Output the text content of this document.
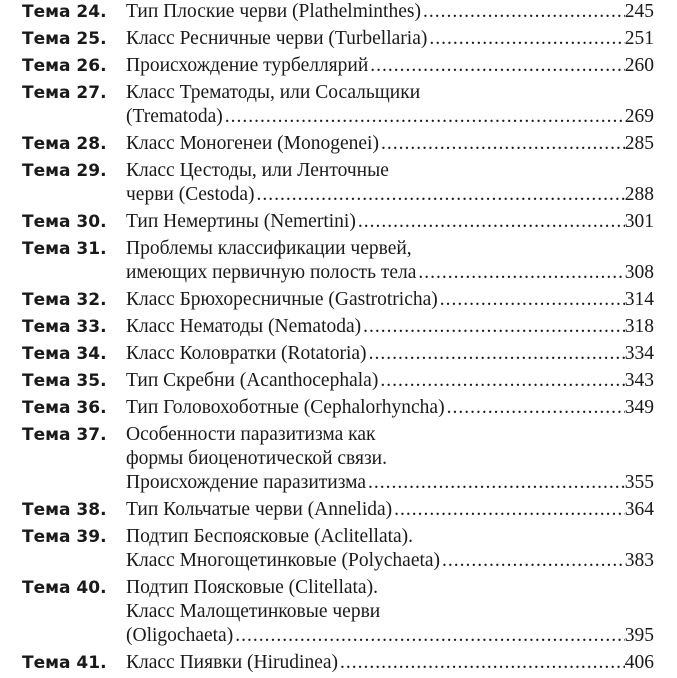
Тема 24. Тип Плоские черви (Plathelminthes) .....	245
Тема 25. Класс Ресничные черви (Turbellaria) .....	251
Тема 26. Происхождение турбеллярий .....	260
Тема 27. Класс Трематоды, или Сосальщики
(Trematoda) .....	269
Тема 28. Класс Моногенеи (Monogenei) .....	285
Тема 29. Класс Цестоды, или Ленточные
черви (Cestoda) .....	288
Тема 30. Тип Немертины (Nemertini) .....	301
Тема 31. Проблемы классификации червей,
имеющих первичную полость тела .....	308
Тема 32. Класс Брюхоресничные (Gastrotricha) .....	314
Тема 33. Класс Нематоды (Nematoda) .....	318
Тема 34. Класс Коловратки (Rotatoria) .....	334
Тема 35. Тип Скребни (Acanthocephala) .....	343
Тема 36. Тип Головохоботные (Cephalorhyncha) .....	349
Тема 37. Особенности паразитизма как
формы биоценотической связи.
Происхождение паразитизма .....	355
Тема 38. Тип Кольчатые черви (Annelida) .....	364
Тема 39. Подтип Беспоясковые (Aclitellata).
Класс Многощетинковые (Polychaeta) .....	383
Тема 40. Подтип Поясковые (Clitellata).
Класс Малощетинковые черви
(Oligochaeta) .....	395
Тема 41. Класс Пиявки (Hirudinea) .....	406
